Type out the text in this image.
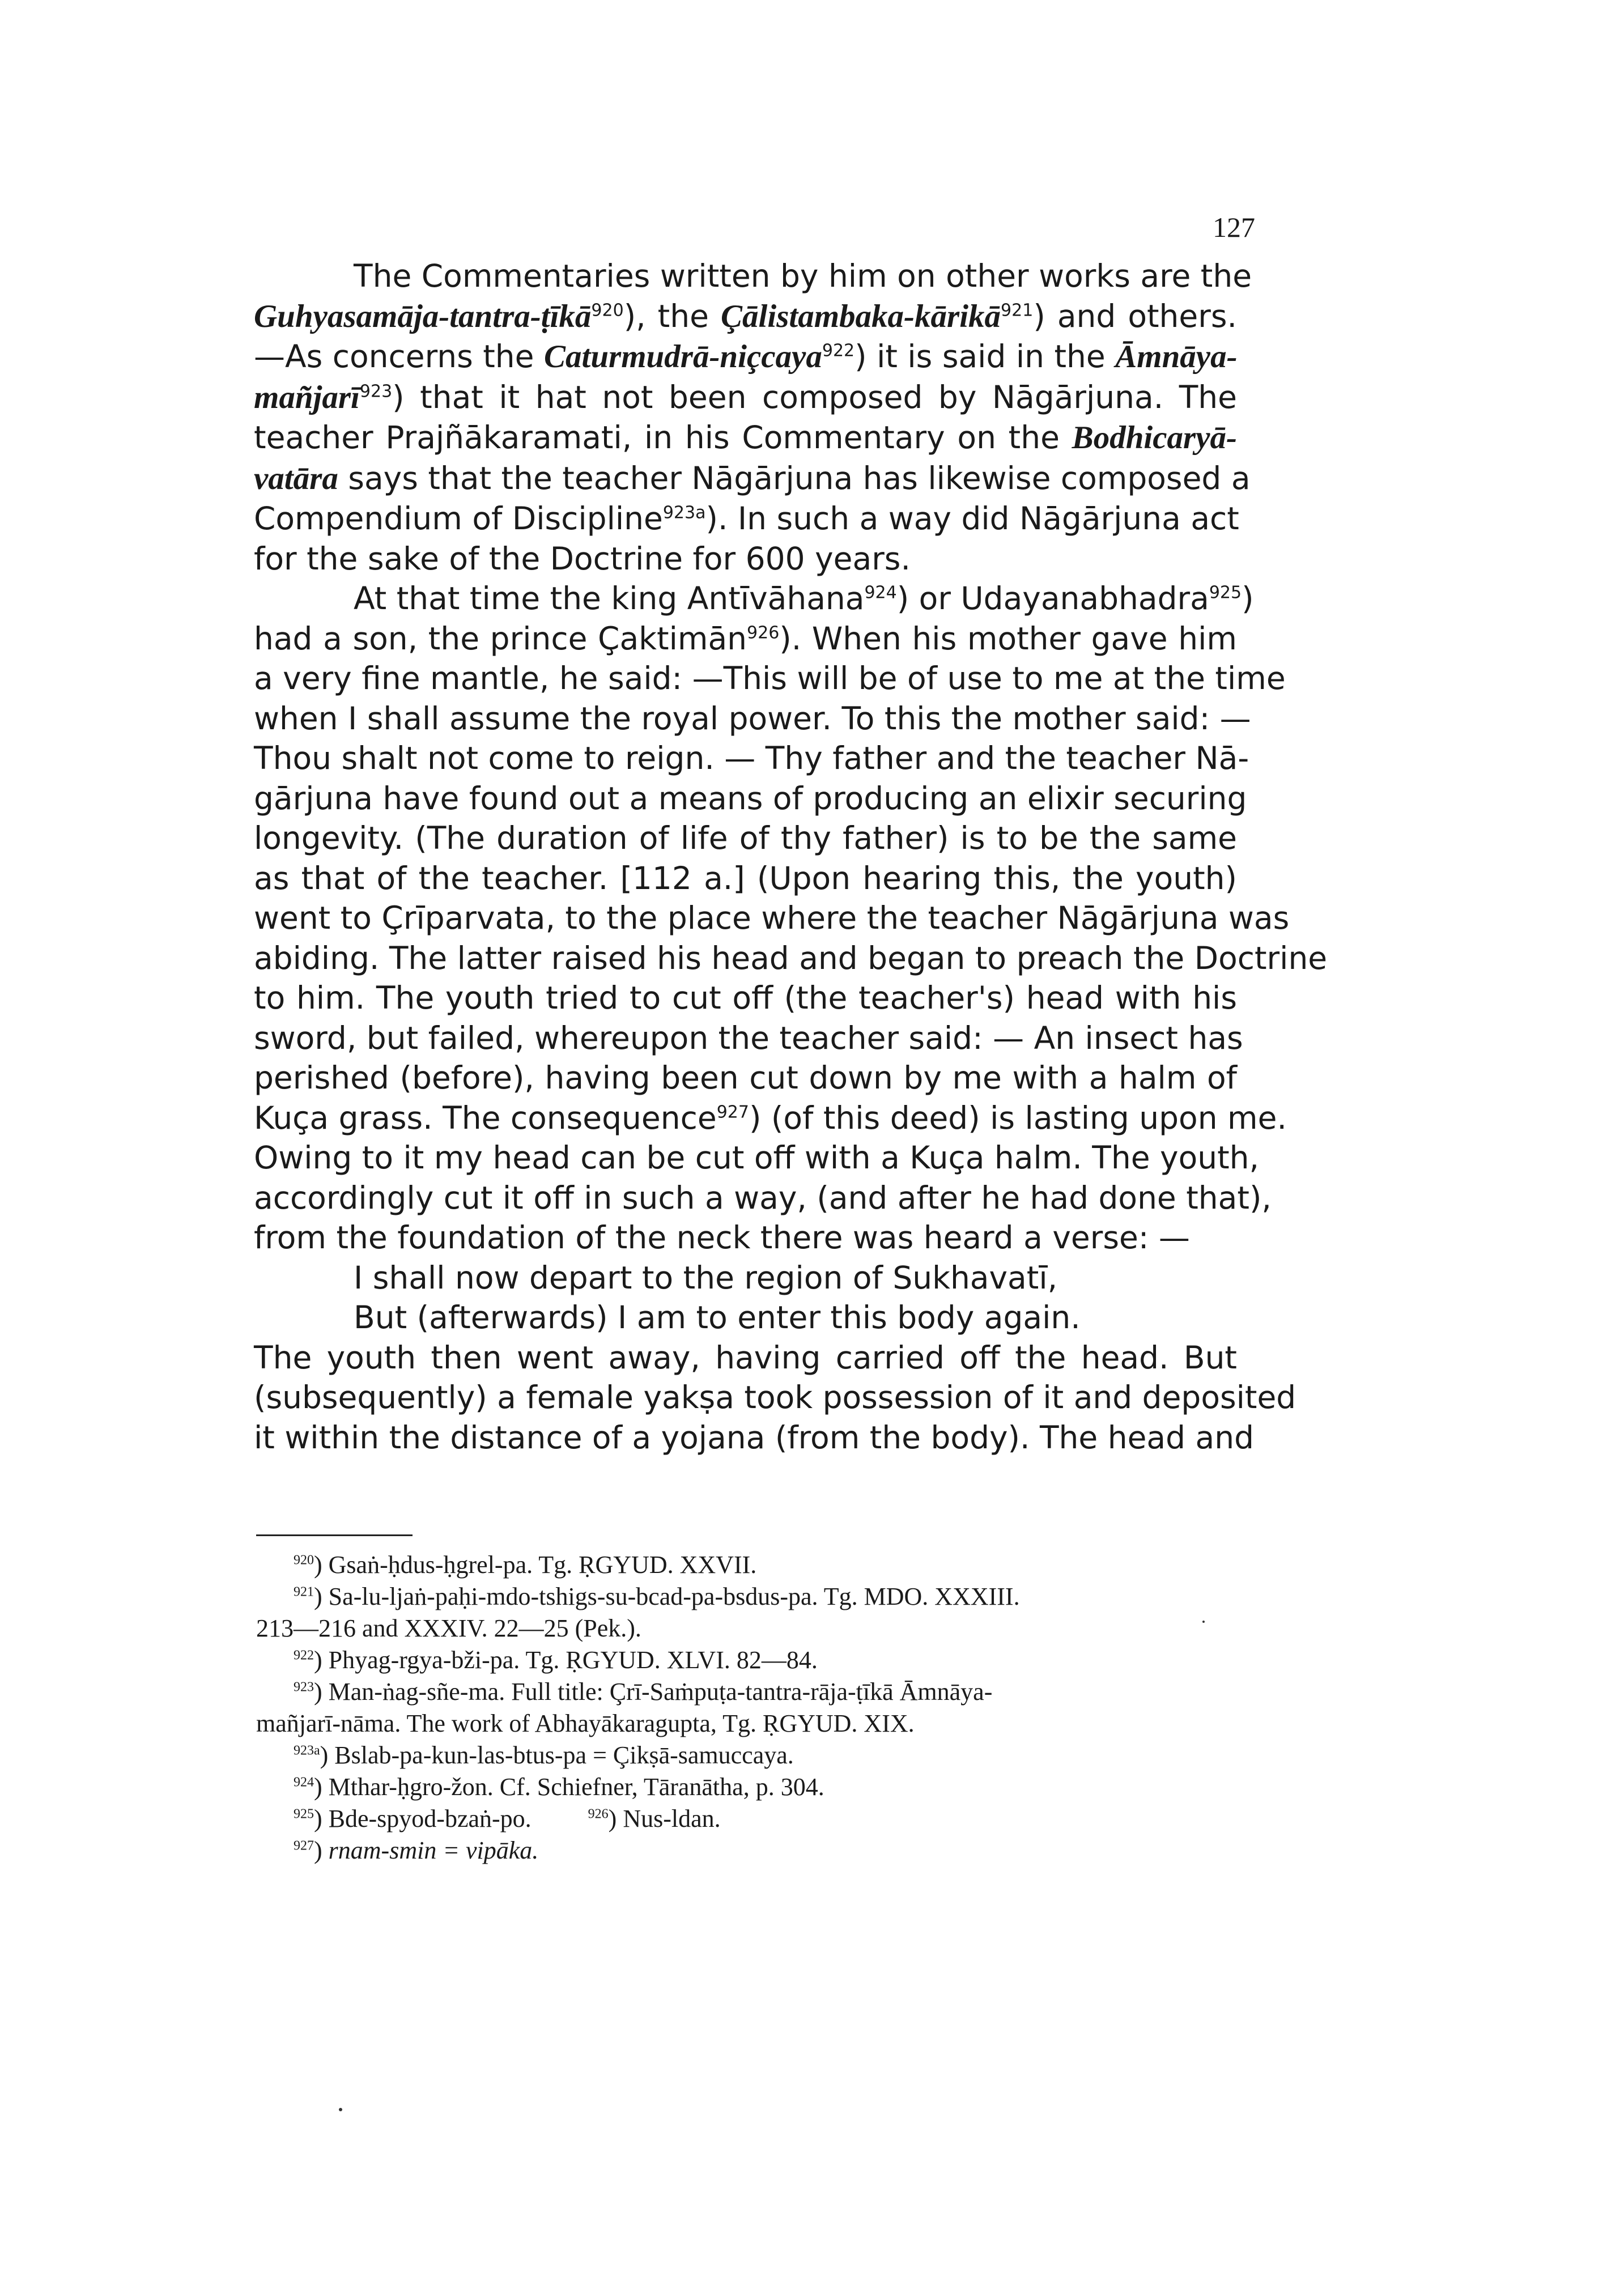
127
The Commentaries written by him on other works are the
Guhyasamāja-tantra-ṭīkā$^{920}$), the Çālistambaka-kārikā$^{921}$) and others.
—As concerns the Caturmudrā-niçcaya$^{922}$) it is said in the Āmnāya-
mañjarī$^{923}$) that it hat not been composed by Nāgārjuna. The
teacher Prajñākaramati, in his Commentary on the Bodhicaryā-
vatāra says that the teacher Nāgārjuna has likewise composed a
Compendium of Discipline$^{923a}$). In such a way did Nāgārjuna act
for the sake of the Doctrine for 600 years.
At that time the king Antīvāhana$^{924}$) or Udayanabhadra$^{925}$)
had a son, the prince Çaktimān$^{926}$). When his mother gave him
a very fine mantle, he said: —This will be of use to me at the time
when I shall assume the royal power. To this the mother said: —
Thou shalt not come to reign. — Thy father and the teacher Nā-
gārjuna have found out a means of producing an elixir securing
longevity. (The duration of life of thy father) is to be the same
as that of the teacher. [112 a.] (Upon hearing this, the youth)
went to Çrīparvata, to the place where the teacher Nāgārjuna was
abiding. The latter raised his head and began to preach the Doctrine
to him. The youth tried to cut off (the teacher's) head with his
sword, but failed, whereupon the teacher said: — An insect has
perished (before), having been cut down by me with a halm of
Kuça grass. The consequence$^{927}$) (of this deed) is lasting upon me.
Owing to it my head can be cut off with a Kuça halm. The youth,
accordingly cut it off in such a way, (and after he had done that),
from the foundation of the neck there was heard a verse: —
I shall now depart to the region of Sukhavatī,
But (afterwards) I am to enter this body again.
The youth then went away, having carried off the head. But
(subsequently) a female yakṣa took possession of it and deposited
it within the distance of a yojana (from the body). The head and
$^{920}$) Gsaṅ-ḥdus-ḥgrel-pa. Tg. ṚGYUD. XXVII.
$^{921}$) Sa-lu-ljaṅ-paḥi-mdo-tshigs-su-bcad-pa-bsdus-pa. Tg. MDO. XXXIII.
213—216 and XXXIV. 22—25 (Pek.).
$^{922}$) Phyag-rgya-bži-pa. Tg. ṚGYUD. XLVI. 82—84.
$^{923}$) Man-ṅag-sñe-ma. Full title: Çrī-Saṁpuṭa-tantra-rāja-ṭīkā Āmnāya-
mañjarī-nāma. The work of Abhayākaragupta, Tg. ṚGYUD. XIX.
$^{923a}$) Bslab-pa-kun-las-btus-pa = Çikṣā-samuccaya.
$^{924}$) Mthar-ḥgro-žon. Cf. Schiefner, Tāranātha, p. 304.
$^{925}$) Bde-spyod-bzaṅ-po.	$^{926}$) Nus-ldan.
$^{927}$) rnam-smin = vipāka.
